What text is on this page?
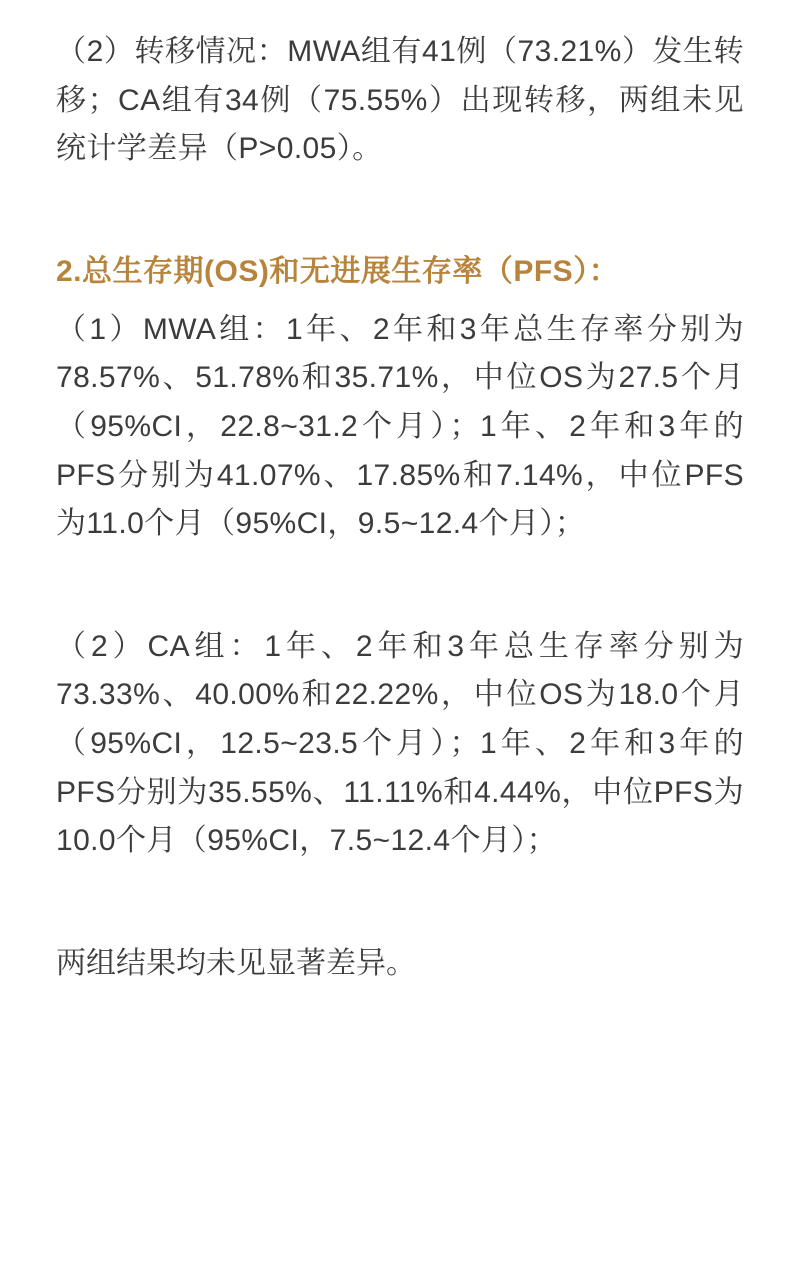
（2）转移情况：MWA组有41例（73.21%）发生转移；CA组有34例（75.55%）出现转移，两组未见统计学差异（P>0.05）。

2.总生存期(OS)和无进展生存率（PFS）：

（1）MWA组：1年、2年和3年总生存率分别为78.57%、51.78%和35.71%，中位OS为27.5个月（95%CI，22.8~31.2个月）；1年、2年和3年的PFS分别为41.07%、17.85%和7.14%，中位PFS为11.0个月（95%CI，9.5~12.4个月）；

（2）CA组：1年、2年和3年总生存率分别为73.33%、40.00%和22.22%，中位OS为18.0个月（95%CI，12.5~23.5个月）；1年、2年和3年的PFS分别为35.55%、11.11%和4.44%，中位PFS为10.0个月（95%CI，7.5~12.4个月）；

两组结果均未见显著差异。
